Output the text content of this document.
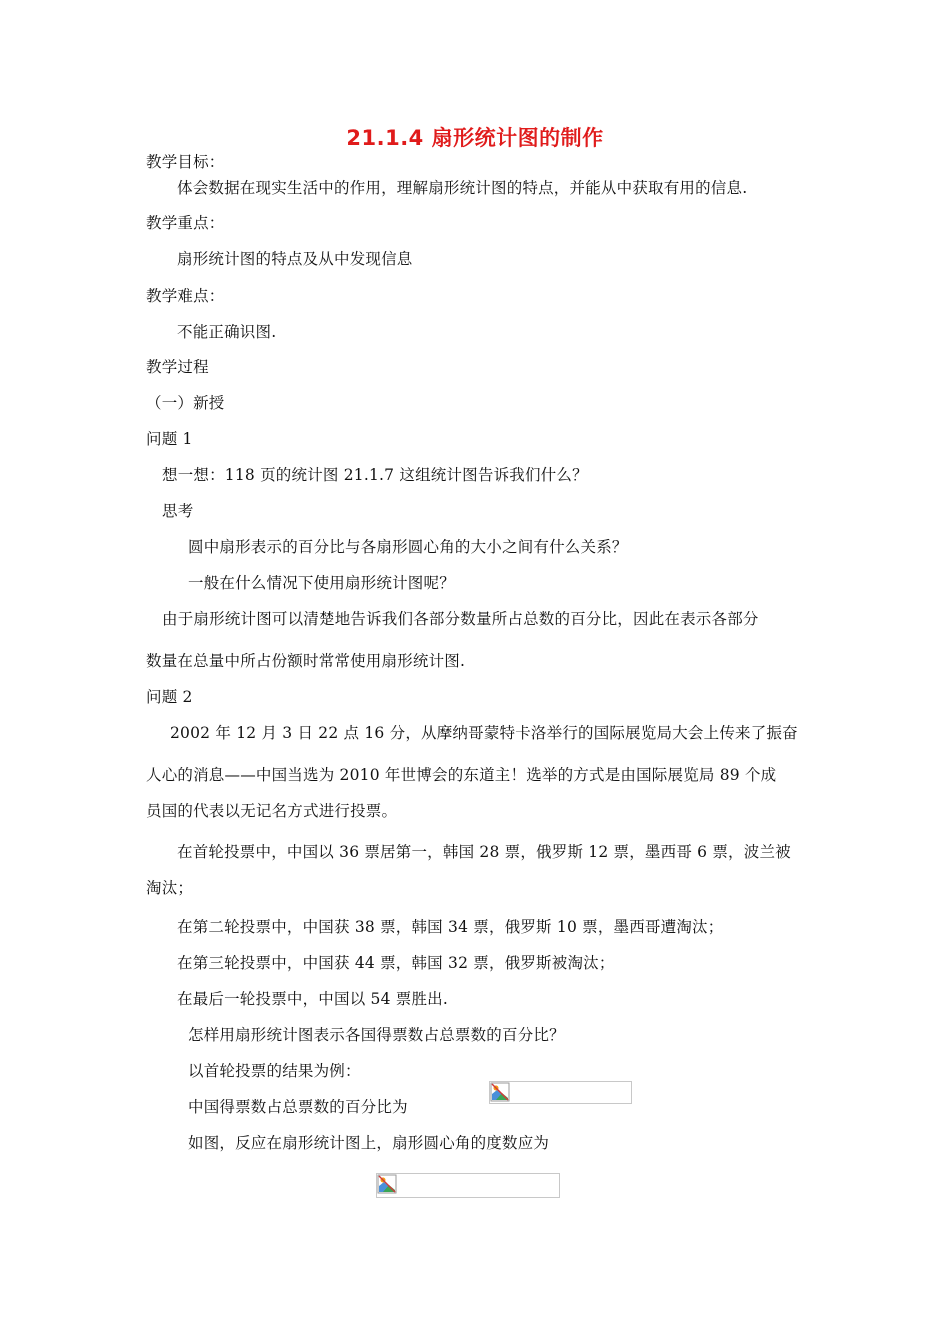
21.1.4 扇形统计图的制作
教学目标：
体会数据在现实生活中的作用，理解扇形统计图的特点，并能从中获取有用的信息.
教学重点：
扇形统计图的特点及从中发现信息
教学难点：
不能正确识图.
教学过程
（一）新授
问题 1
想一想：118 页的统计图 21.1.7 这组统计图告诉我们什么？
思考
圆中扇形表示的百分比与各扇形圆心角的大小之间有什么关系？
一般在什么情况下使用扇形统计图呢？
由于扇形统计图可以清楚地告诉我们各部分数量所占总数的百分比，因此在表示各部分
数量在总量中所占份额时常常使用扇形统计图.
问题 2
2002 年 12 月 3 日 22 点 16 分，从摩纳哥蒙特卡洛举行的国际展览局大会上传来了振奋
人心的消息——中国当选为 2010 年世博会的东道主！选举的方式是由国际展览局 89 个成
员国的代表以无记名方式进行投票。
在首轮投票中，中国以 36 票居第一，韩国 28 票，俄罗斯 12 票，墨西哥 6 票，波兰被
淘汰；
在第二轮投票中，中国获 38 票，韩国 34 票，俄罗斯 10 票，墨西哥遭淘汰；
在第三轮投票中，中国获 44 票，韩国 32 票，俄罗斯被淘汰；
在最后一轮投票中，中国以 54 票胜出.
怎样用扇形统计图表示各国得票数占总票数的百分比？
以首轮投票的结果为例：
中国得票数占总票数的百分比为
如图，反应在扇形统计图上，扇形圆心角的度数应为
